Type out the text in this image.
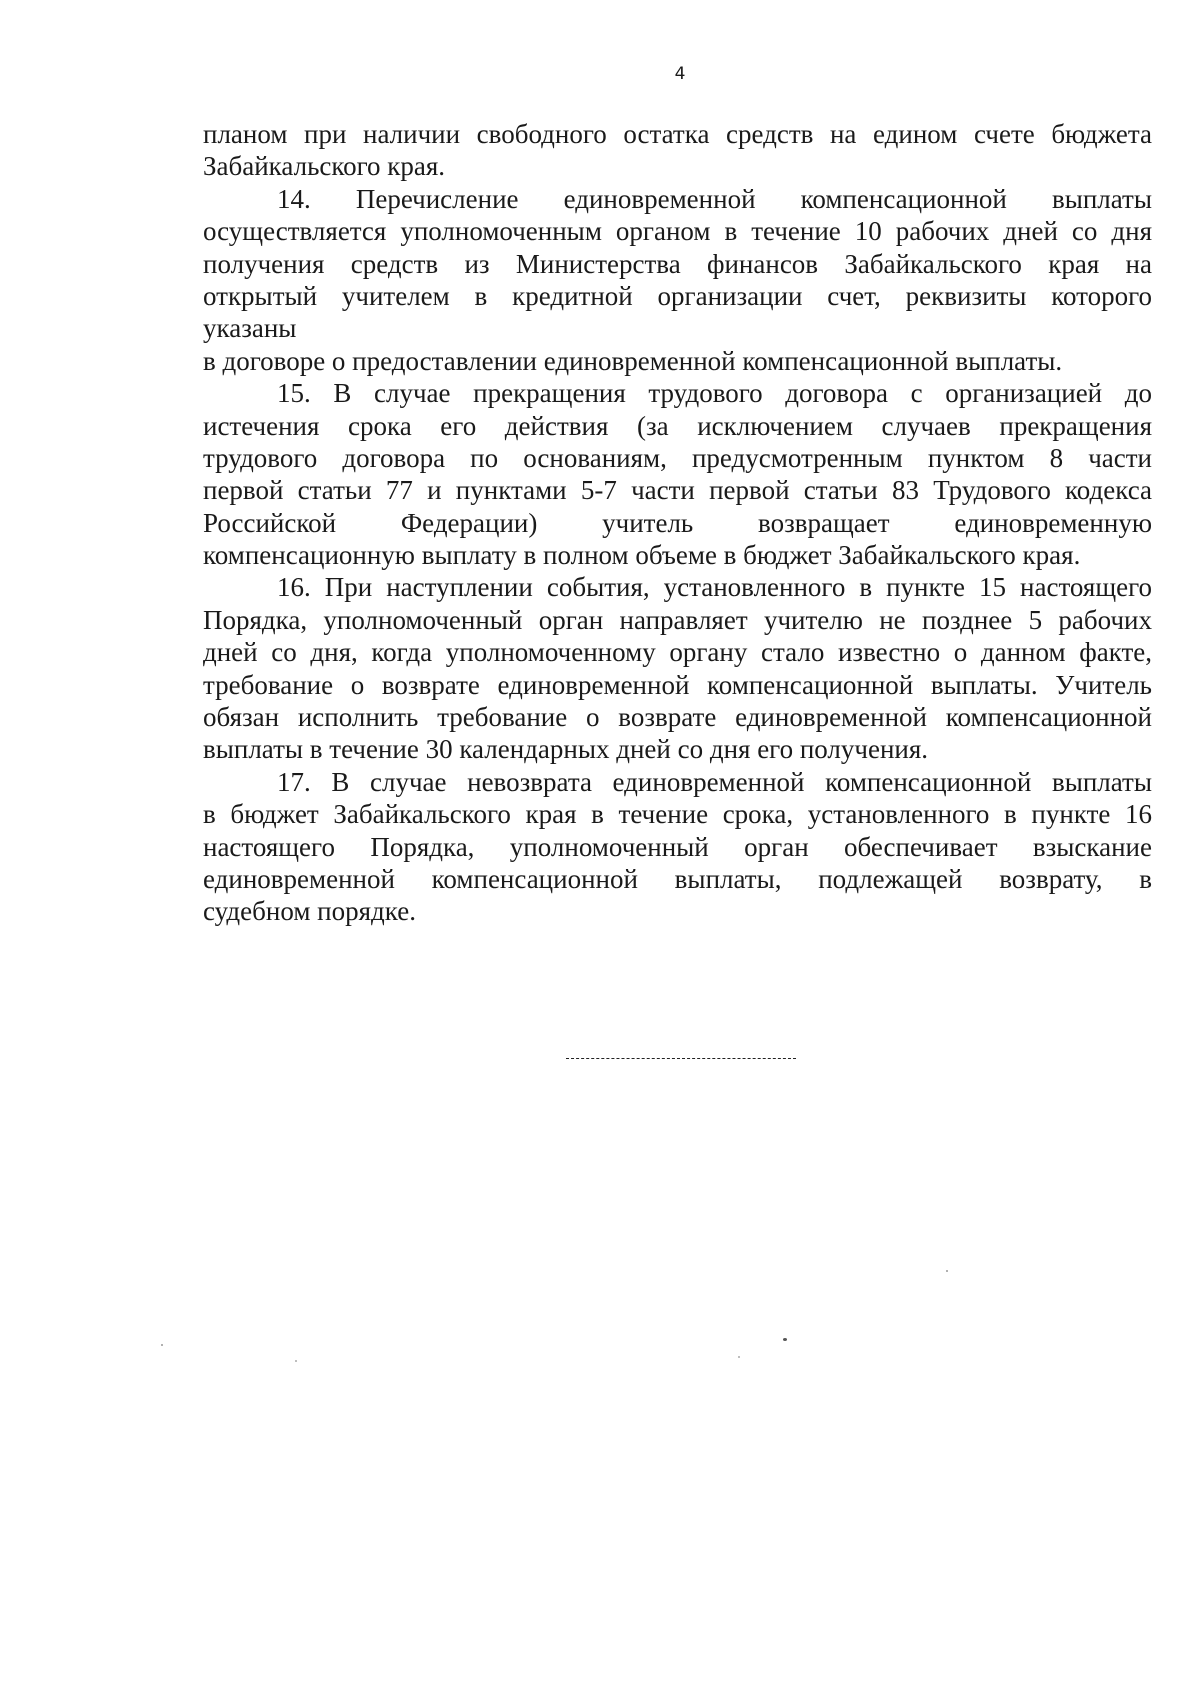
4
планом при наличии свободного остатка средств на едином счете бюджета
Забайкальского края.
14. Перечисление единовременной компенсационной выплаты
осуществляется уполномоченным органом в течение 10 рабочих дней со дня
получения средств из Министерства финансов Забайкальского края на
открытый учителем в кредитной организации счет, реквизиты которого
указаны
в договоре о предоставлении единовременной компенсационной выплаты.
15. В случае прекращения трудового договора с организацией до
истечения срока его действия (за исключением случаев прекращения
трудового договора по основаниям, предусмотренным пунктом 8 части
первой статьи 77 и пунктами 5-7 части первой статьи 83 Трудового кодекса
Российской Федерации) учитель возвращает единовременную
компенсационную выплату в полном объеме в бюджет Забайкальского края.
16. При наступлении события, установленного в пункте 15 настоящего
Порядка, уполномоченный орган направляет учителю не позднее 5 рабочих
дней со дня, когда уполномоченному органу стало известно о данном факте,
требование о возврате единовременной компенсационной выплаты. Учитель
обязан исполнить требование о возврате единовременной компенсационной
выплаты в течение 30 календарных дней со дня его получения.
17. В случае невозврата единовременной компенсационной выплаты
в бюджет Забайкальского края в течение срока, установленного в пункте 16
настоящего Порядка, уполномоченный орган обеспечивает взыскание
единовременной компенсационной выплаты, подлежащей возврату, в
судебном порядке.
